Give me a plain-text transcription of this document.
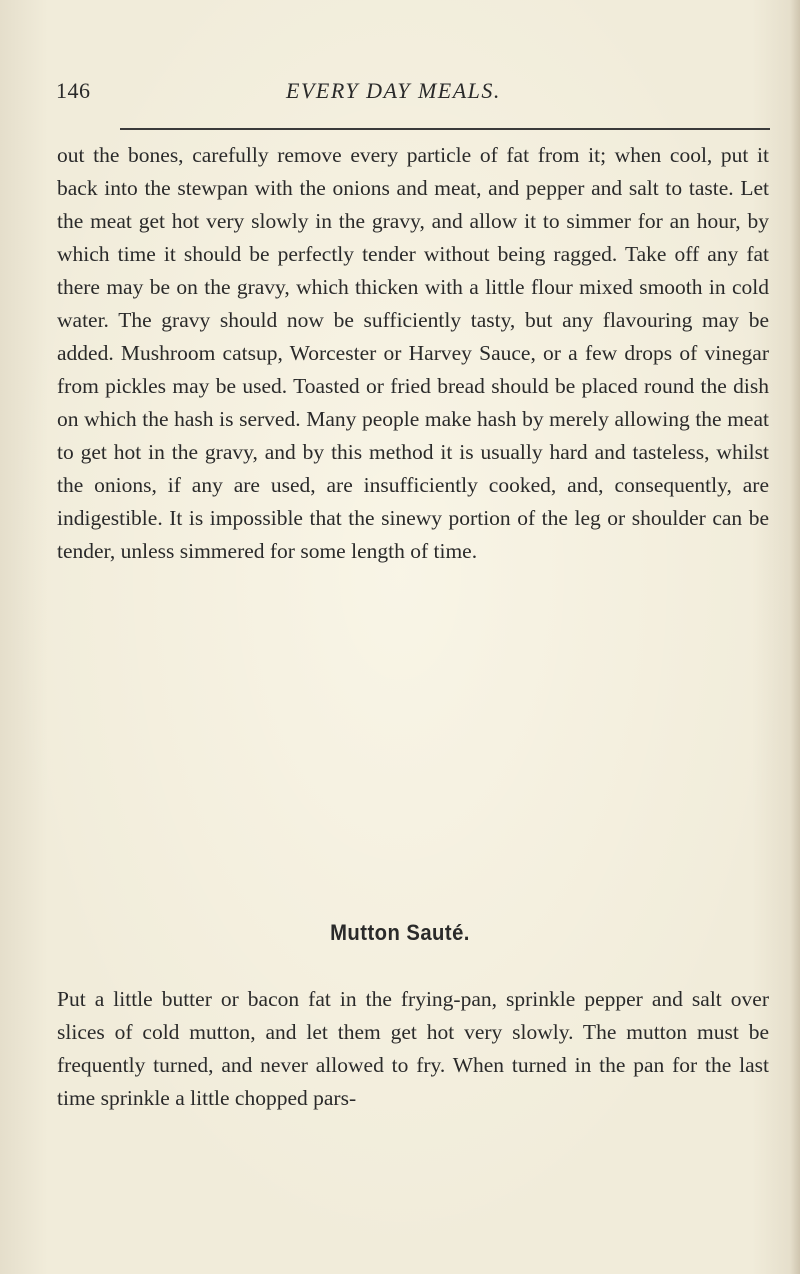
146	EVERY DAY MEALS.

out the bones, carefully remove every particle of fat from it; when cool, put it back into the stewpan with the onions and meat, and pepper and salt to taste. Let the meat get hot very slowly in the gravy, and allow it to simmer for an hour, by which time it should be perfectly tender without being ragged. Take off any fat there may be on the gravy, which thicken with a little flour mixed smooth in cold water. The gravy should now be sufficiently tasty, but any flavouring may be added. Mushroom catsup, Worcester or Harvey Sauce, or a few drops of vinegar from pickles may be used. Toasted or fried bread should be placed round the dish on which the hash is served. Many people make hash by merely allowing the meat to get hot in the gravy, and by this method it is usually hard and tasteless, whilst the onions, if any are used, are insufficiently cooked, and, consequently, are indigestible. It is impossible that the sinewy portion of the leg or shoulder can be tender, unless simmered for some length of time.

Mutton Sauté.

Put a little butter or bacon fat in the frying-pan, sprinkle pepper and salt over slices of cold mutton, and let them get hot very slowly. The mutton must be frequently turned, and never allowed to fry. When turned in the pan for the last time sprinkle a little chopped pars-
